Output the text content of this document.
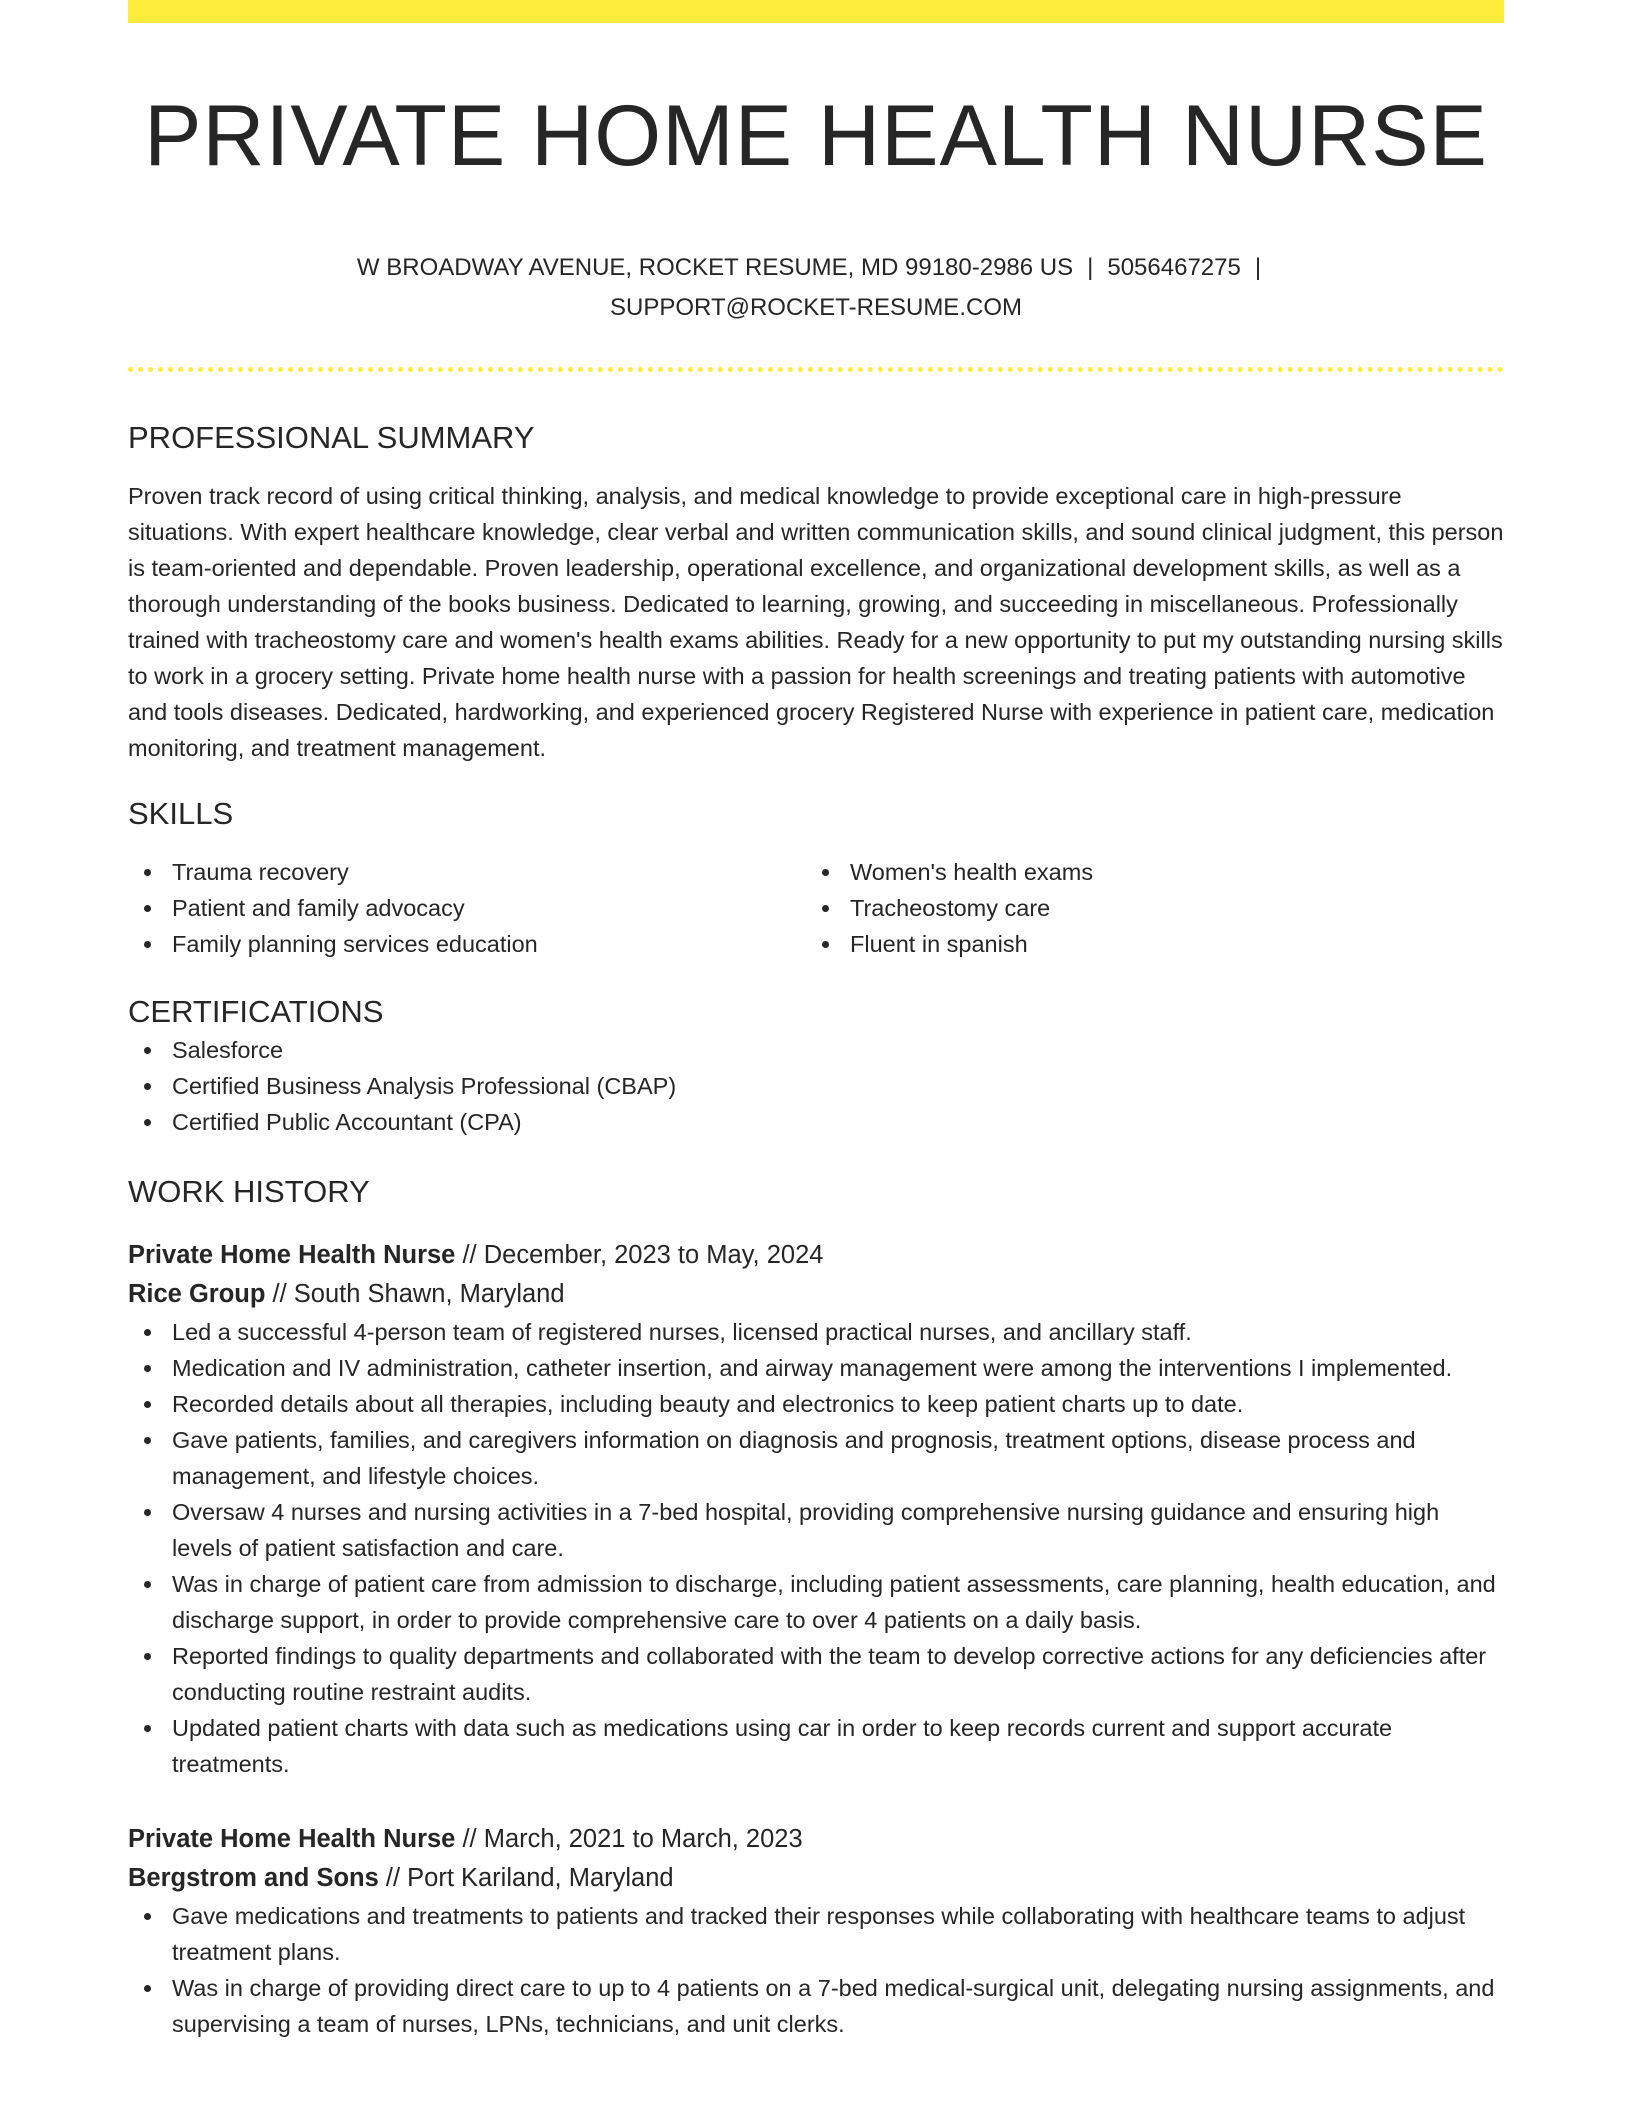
PRIVATE HOME HEALTH NURSE
W BROADWAY AVENUE, ROCKET RESUME, MD 99180-2986 US | 5056467275 |
SUPPORT@ROCKET-RESUME.COM
PROFESSIONAL SUMMARY

Proven track record of using critical thinking, analysis, and medical knowledge to provide exceptional care in high-pressure situations. With expert healthcare knowledge, clear verbal and written communication skills, and sound clinical judgment, this person is team-oriented and dependable. Proven leadership, operational excellence, and organizational development skills, as well as a thorough understanding of the books business. Dedicated to learning, growing, and succeeding in miscellaneous. Professionally trained with tracheostomy care and women's health exams abilities. Ready for a new opportunity to put my outstanding nursing skills to work in a grocery setting. Private home health nurse with a passion for health screenings and treating patients with automotive and tools diseases. Dedicated, hardworking, and experienced grocery Registered Nurse with experience in patient care, medication monitoring, and treatment management.

SKILLS
Trauma recovery
Patient and family advocacy
Family planning services education
Women's health exams
Tracheostomy care
Fluent in spanish
CERTIFICATIONS
Salesforce
Certified Business Analysis Professional (CBAP)
Certified Public Accountant (CPA)
WORK HISTORY
Private Home Health Nurse // December, 2023 to May, 2024
Rice Group // South Shawn, Maryland
Led a successful 4-person team of registered nurses, licensed practical nurses, and ancillary staff.
Medication and IV administration, catheter insertion, and airway management were among the interventions I implemented.
Recorded details about all therapies, including beauty and electronics to keep patient charts up to date.
Gave patients, families, and caregivers information on diagnosis and prognosis, treatment options, disease process and management, and lifestyle choices.
Oversaw 4 nurses and nursing activities in a 7-bed hospital, providing comprehensive nursing guidance and ensuring high levels of patient satisfaction and care.
Was in charge of patient care from admission to discharge, including patient assessments, care planning, health education, and discharge support, in order to provide comprehensive care to over 4 patients on a daily basis.
Reported findings to quality departments and collaborated with the team to develop corrective actions for any deficiencies after conducting routine restraint audits.
Updated patient charts with data such as medications using car in order to keep records current and support accurate treatments.
Private Home Health Nurse // March, 2021 to March, 2023
Bergstrom and Sons // Port Kariland, Maryland
Gave medications and treatments to patients and tracked their responses while collaborating with healthcare teams to adjust treatment plans.
Was in charge of providing direct care to up to 4 patients on a 7-bed medical-surgical unit, delegating nursing assignments, and supervising a team of nurses, LPNs, technicians, and unit clerks.
